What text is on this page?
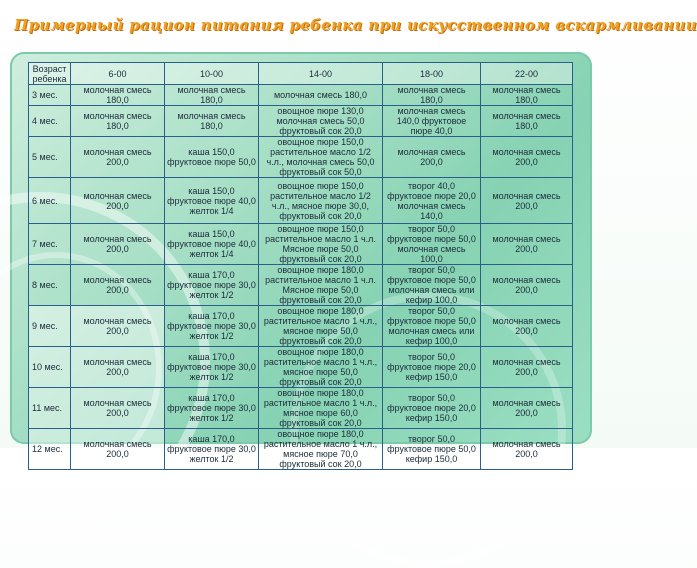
Примерный рацион питания ребенка при искусственном вскармливании
Возраст ребенка	6-00	10-00	14-00	18-00	22-00
3 мес.	молочная смесь 180,0	молочная смесь 180,0	молочная смесь 180,0	молочная смесь 180,0	молочная смесь 180,0
4 мес.	молочная смесь 180,0	молочная смесь 180,0	овощное пюре 130,0 молочная смесь 50,0 фруктовый сок 20,0	молочная смесь 140,0 фруктовое пюре 40,0	молочная смесь 180,0
5 мес.	молочная смесь 200,0	каша 150,0 фруктовое пюре 50,0	овощное пюре 150,0 растительное масло 1/2 ч.л., молочная смесь 50,0 фруктовый сок 50,0	молочная смесь 200,0	молочная смесь 200,0
6 мес.	молочная смесь 200,0	каша 150,0 фруктовое пюре 40,0 желток 1/4	овощное пюре 150,0 растительное масло 1/2 ч.л., мясное пюре 30,0, фруктовый сок 20,0	творог 40,0 фруктовое пюре 20,0 молочная смесь 140,0	молочная смесь 200,0
7 мес.	молочная смесь 200,0	каша 150,0 фруктовое пюре 40,0 желток 1/4	овощное пюре 150,0 растительное масло 1 ч.л. Мясное пюре 50,0 фруктовый сок 20,0	творог 50,0 фруктовое пюре 50,0 молочная смесь 100,0	молочная смесь 200,0
8 мес.	молочная смесь 200,0	каша 170,0 фруктовое пюре 30,0 желток 1/2	овощное пюре 180,0 растительное масло 1 ч.л. Мясное пюре 50,0 фруктовый сок 20,0	творог 50,0 фруктовое пюре 50,0 молочная смесь или кефир 100,0	молочная смесь 200,0
9 мес.	молочная смесь 200,0	каша 170,0 фруктовое пюре 30,0 желток 1/2	овощное пюре 180,0 растительное масло 1 ч.л., мясное пюре 50,0 фруктовый сок 20,0	творог 50,0 фруктовое пюре 50,0 молочная смесь или кефир 100,0	молочная смесь 200,0
10 мес.	молочная смесь 200,0	каша 170,0 фруктовое пюре 30,0 желток 1/2	овощное пюре 180,0 растительное масло 1 ч.л., мясное пюре 50,0 фруктовый сок 20,0	творог 50,0 фруктовое пюре 20,0 кефир 150,0	молочная смесь 200,0
11 мес.	молочная смесь 200,0	каша 170,0 фруктовое пюре 30,0 желток 1/2	овощное пюре 180,0 растительное масло 1 ч.л., мясное пюре 60,0 фруктовый сок 20,0	творог 50,0 фруктовое пюре 20,0 кефир 150,0	молочная смесь 200,0
12 мес.	молочная смесь 200,0	каша 170,0 фруктовое пюре 30,0 желток 1/2	овощное пюре 180,0 растительное масло 1 ч.л., мясное пюре 70,0 фруктовый сок 20,0	творог 50,0 фруктовое пюре 50,0 кефир 150,0	молочная смесь 200,0
